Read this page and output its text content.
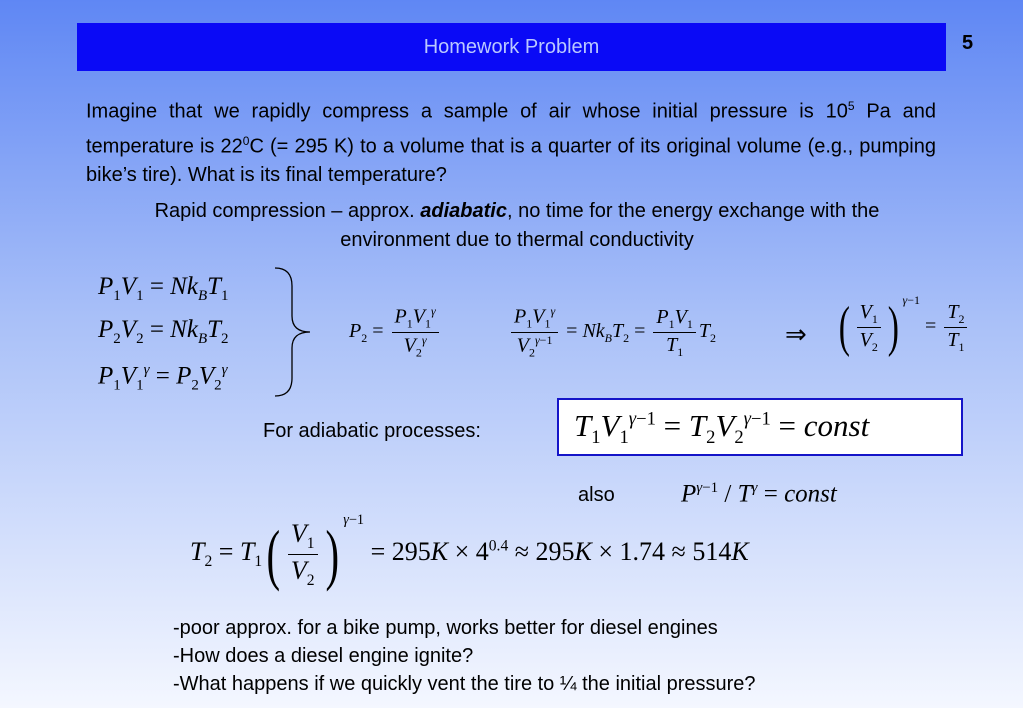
Homework Problem	5
Imagine that we rapidly compress a sample of air whose initial pressure is $10^5$ Pa and temperature is $22^0C$ (= 295 K) to a volume that is a quarter of its original volume (e.g., pumping bike’s tire). What is its final temperature?
Rapid compression – approx. adiabatic, no time for the energy exchange with the environment due to thermal conductivity
$P_1V_1 = Nk_BT_1$
$P_2V_2 = Nk_BT_2$
$P_1V_1^\gamma = P_2V_2^\gamma$
$P_2 = \frac{P_1V_1^\gamma}{V_2^\gamma}$	$\frac{P_1V_1^\gamma}{V_2^{\gamma-1}} = Nk_BT_2 = \frac{P_1V_1}{T_1} T_2$	⇒ ( $\frac{V_1}{V_2}$ ) $^{\gamma-1} = \frac{T_2}{T_1}$
For adiabatic processes:	$T_1V_1^{\gamma-1} = T_2V_2^{\gamma-1}$ = const
also	$P^{\gamma-1} / T^\gamma$ = const
$T_2 = T_1( \frac{V_1}{V_2}$ ) $^{\gamma-1} = 295K \times 4^{0.4} \approx 295K \times 1.74 \approx 514K$
-poor approx. for a bike pump, works better for diesel engines
-How does a diesel engine ignite?
-What happens if we quickly vent the tire to ¼ the initial pressure?
